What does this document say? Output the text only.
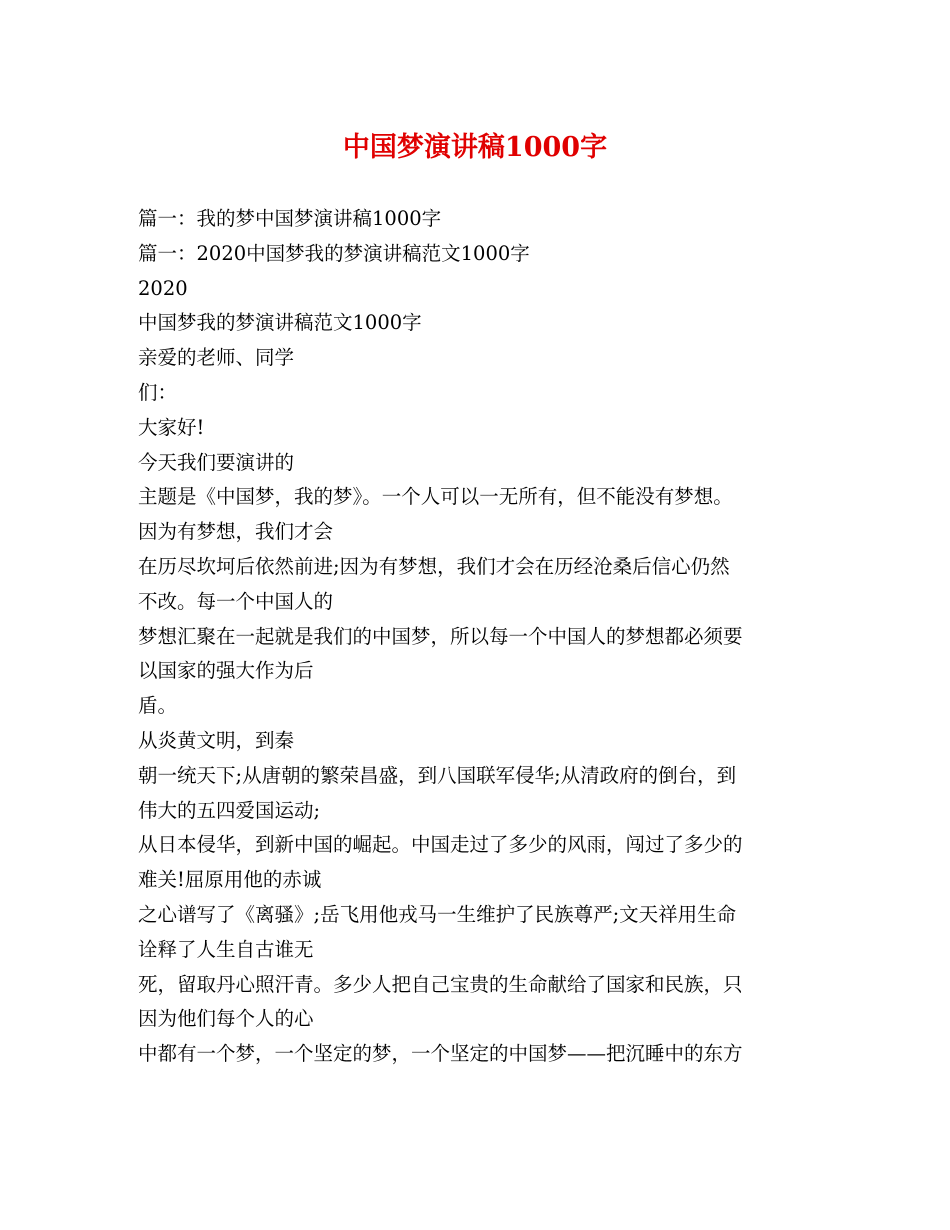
中国梦演讲稿1000字
篇一：我的梦中国梦演讲稿1000字
篇一：2020中国梦我的梦演讲稿范文1000字
2020
中国梦我的梦演讲稿范文1000字
亲爱的老师、同学
们：
大家好!
今天我们要演讲的
主题是《中国梦，我的梦》。一个人可以一无所有，但不能没有梦想。
因为有梦想，我们才会
在历尽坎坷后依然前进;因为有梦想，我们才会在历经沧桑后信心仍然
不改。每一个中国人的
梦想汇聚在一起就是我们的中国梦，所以每一个中国人的梦想都必须要
以国家的强大作为后
盾。
从炎黄文明，到秦
朝一统天下;从唐朝的繁荣昌盛，到八国联军侵华;从清政府的倒台，到
伟大的五四爱国运动;
从日本侵华，到新中国的崛起。中国走过了多少的风雨，闯过了多少的
难关!屈原用他的赤诚
之心谱写了《离骚》;岳飞用他戎马一生维护了民族尊严;文天祥用生命
诠释了人生自古谁无
死，留取丹心照汗青。多少人把自己宝贵的生命献给了国家和民族，只
因为他们每个人的心
中都有一个梦，一个坚定的梦，一个坚定的中国梦——把沉睡中的东方
